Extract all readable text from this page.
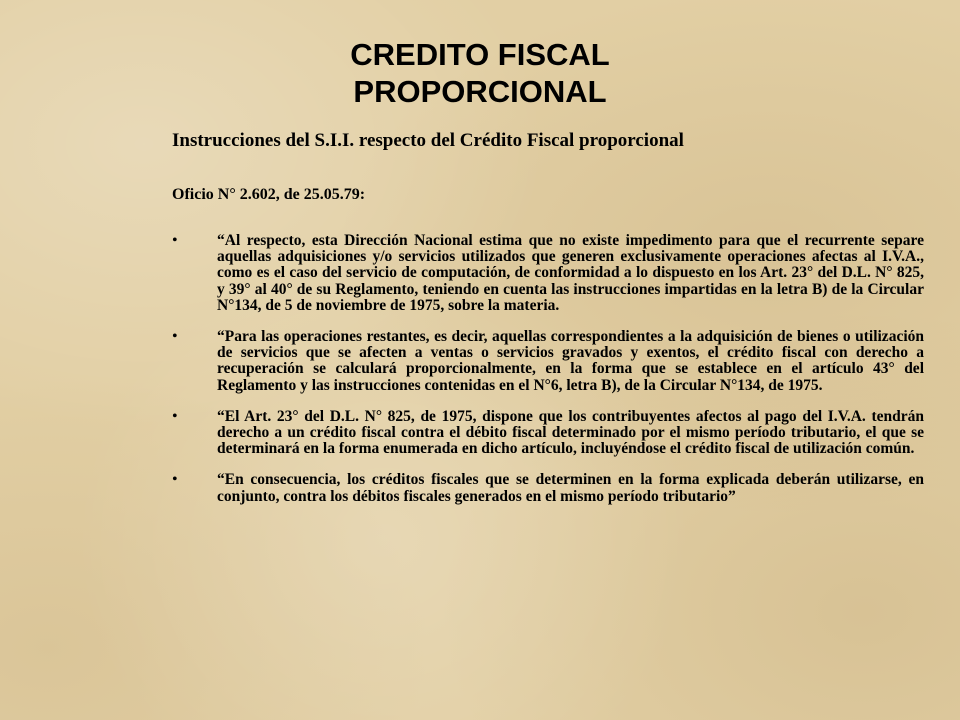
CREDITO FISCAL
PROPORCIONAL

Instrucciones del S.I.I. respecto del Crédito Fiscal proporcional

Oficio N° 2.602, de 25.05.79:

•	“Al respecto, esta Dirección Nacional estima que no existe impedimento para que el recurrente separe aquellas adquisiciones y/o servicios utilizados que generen exclusivamente operaciones afectas al I.V.A., como es el caso del servicio de computación, de conformidad a lo dispuesto en los Art. 23° del D.L. N° 825, y 39° al 40° de su Reglamento, teniendo en cuenta las instrucciones impartidas en la letra B) de la Circular N°134, de 5 de noviembre de 1975, sobre la materia.
•	“Para las operaciones restantes, es decir, aquellas correspondientes a la adquisición de bienes o utilización de servicios que se afecten a ventas o servicios gravados y exentos, el crédito fiscal con derecho a recuperación se calculará proporcionalmente, en la forma que se establece en el artículo 43° del Reglamento y las instrucciones contenidas en el N°6, letra B), de la Circular N°134, de 1975.
•	“El Art. 23° del D.L. N° 825, de 1975, dispone que los contribuyentes afectos al pago del I.V.A. tendrán derecho a un crédito fiscal contra el débito fiscal determinado por el mismo período tributario, el que se determinará en la forma enumerada en dicho artículo, incluyéndose el crédito fiscal de utilización común.
•	“En consecuencia, los créditos fiscales que se determinen en la forma explicada deberán utilizarse, en conjunto, contra los débitos fiscales generados en el mismo período tributario”
